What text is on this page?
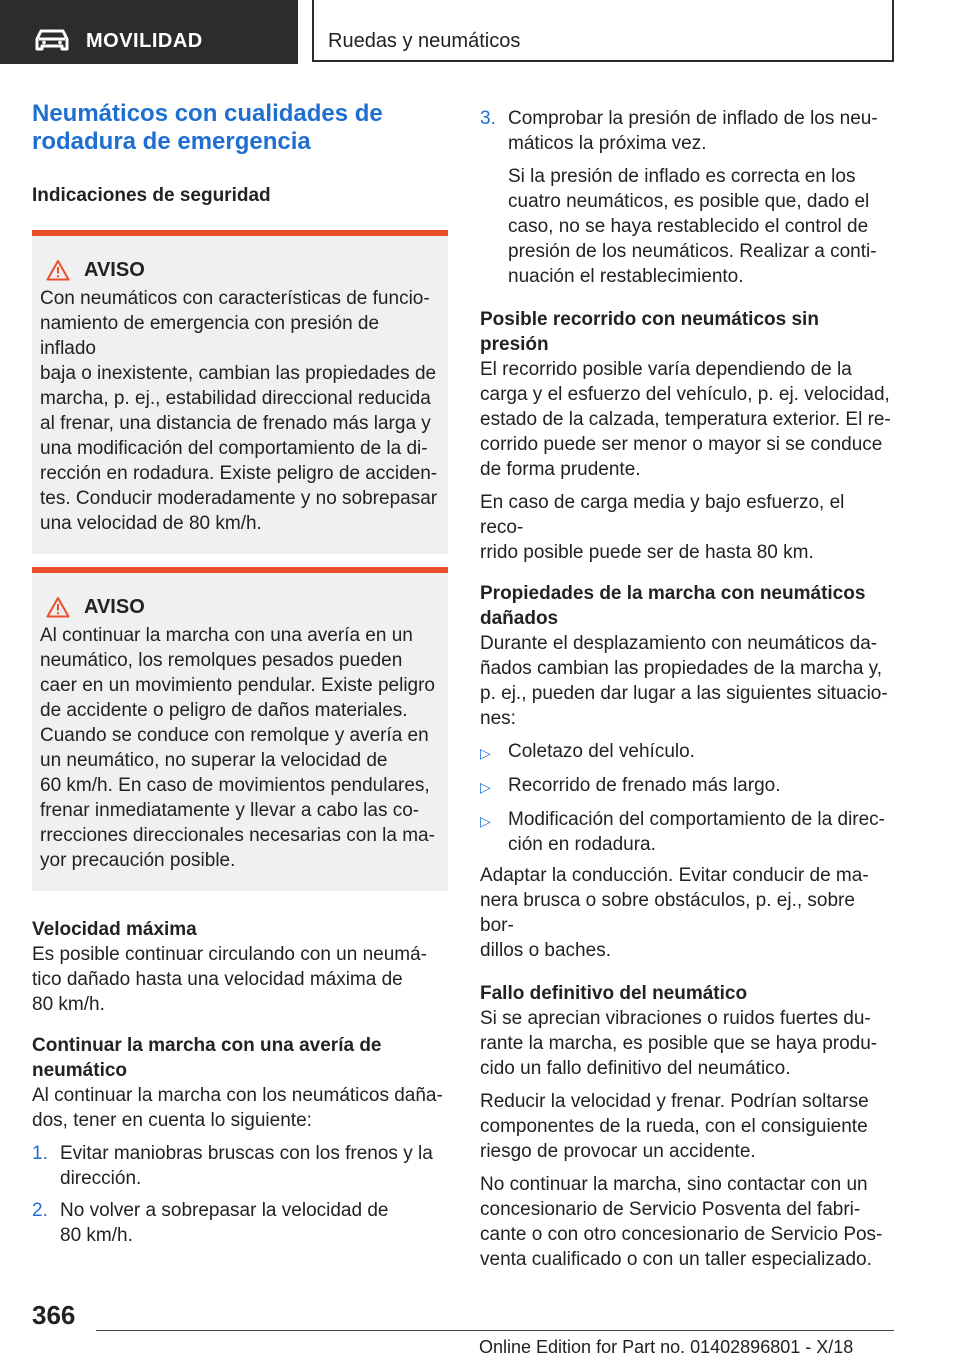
MOVILIDAD	Ruedas y neumáticos
Neumáticos con cualidades de
rodadura de emergencia
Indicaciones de seguridad
AVISO

Con neumáticos con características de funcio-
namiento de emergencia con presión de inflado
baja o inexistente, cambian las propiedades de
marcha, p. ej., estabilidad direccional reducida
al frenar, una distancia de frenado más larga y
una modificación del comportamiento de la di-
rección en rodadura. Existe peligro de acciden-
tes. Conducir moderadamente y no sobrepasar
una velocidad de 80 km/h.

AVISO

Al continuar la marcha con una avería en un
neumático, los remolques pesados pueden
caer en un movimiento pendular. Existe peligro
de accidente o peligro de daños materiales.
Cuando se conduce con remolque y avería en
un neumático, no superar la velocidad de
60 km/h. En caso de movimientos pendulares,
frenar inmediatamente y llevar a cabo las co-
rrecciones direccionales necesarias con la ma-
yor precaución posible.

Velocidad máxima

Es posible continuar circulando con un neumá-
tico dañado hasta una velocidad máxima de
80 km/h.

Continuar la marcha con una avería de
neumático

Al continuar la marcha con los neumáticos daña-
dos, tener en cuenta lo siguiente:

1. Evitar maniobras bruscas con los frenos y la
dirección.
2. No volver a sobrepasar la velocidad de
80 km/h.
3. Comprobar la presión de inflado de los neu-
máticos la próxima vez.

Si la presión de inflado es correcta en los
cuatro neumáticos, es posible que, dado el
caso, no se haya restablecido el control de
presión de los neumáticos. Realizar a conti-
nuación el restablecimiento.

Posible recorrido con neumáticos sin
presión

El recorrido posible varía dependiendo de la
carga y el esfuerzo del vehículo, p. ej. velocidad,
estado de la calzada, temperatura exterior. El re-
corrido puede ser menor o mayor si se conduce
de forma prudente.

En caso de carga media y bajo esfuerzo, el reco-
rrido posible puede ser de hasta 80 km.

Propiedades de la marcha con neumáticos
dañados

Durante el desplazamiento con neumáticos da-
ñados cambian las propiedades de la marcha y,
p. ej., pueden dar lugar a las siguientes situacio-
nes:

▷ Coletazo del vehículo.
▷ Recorrido de frenado más largo.
▷ Modificación del comportamiento de la direc-
ción en rodadura.

Adaptar la conducción. Evitar conducir de ma-
nera brusca o sobre obstáculos, p. ej., sobre bor-
dillos o baches.

Fallo definitivo del neumático

Si se aprecian vibraciones o ruidos fuertes du-
rante la marcha, es posible que se haya produ-
cido un fallo definitivo del neumático.

Reducir la velocidad y frenar. Podrían soltarse
componentes de la rueda, con el consiguiente
riesgo de provocar un accidente.

No continuar la marcha, sino contactar con un
concesionario de Servicio Posventa del fabri-
cante o con otro concesionario de Servicio Pos-
venta cualificado o con un taller especializado.

366
Online Edition for Part no. 01402896801 - X/18
